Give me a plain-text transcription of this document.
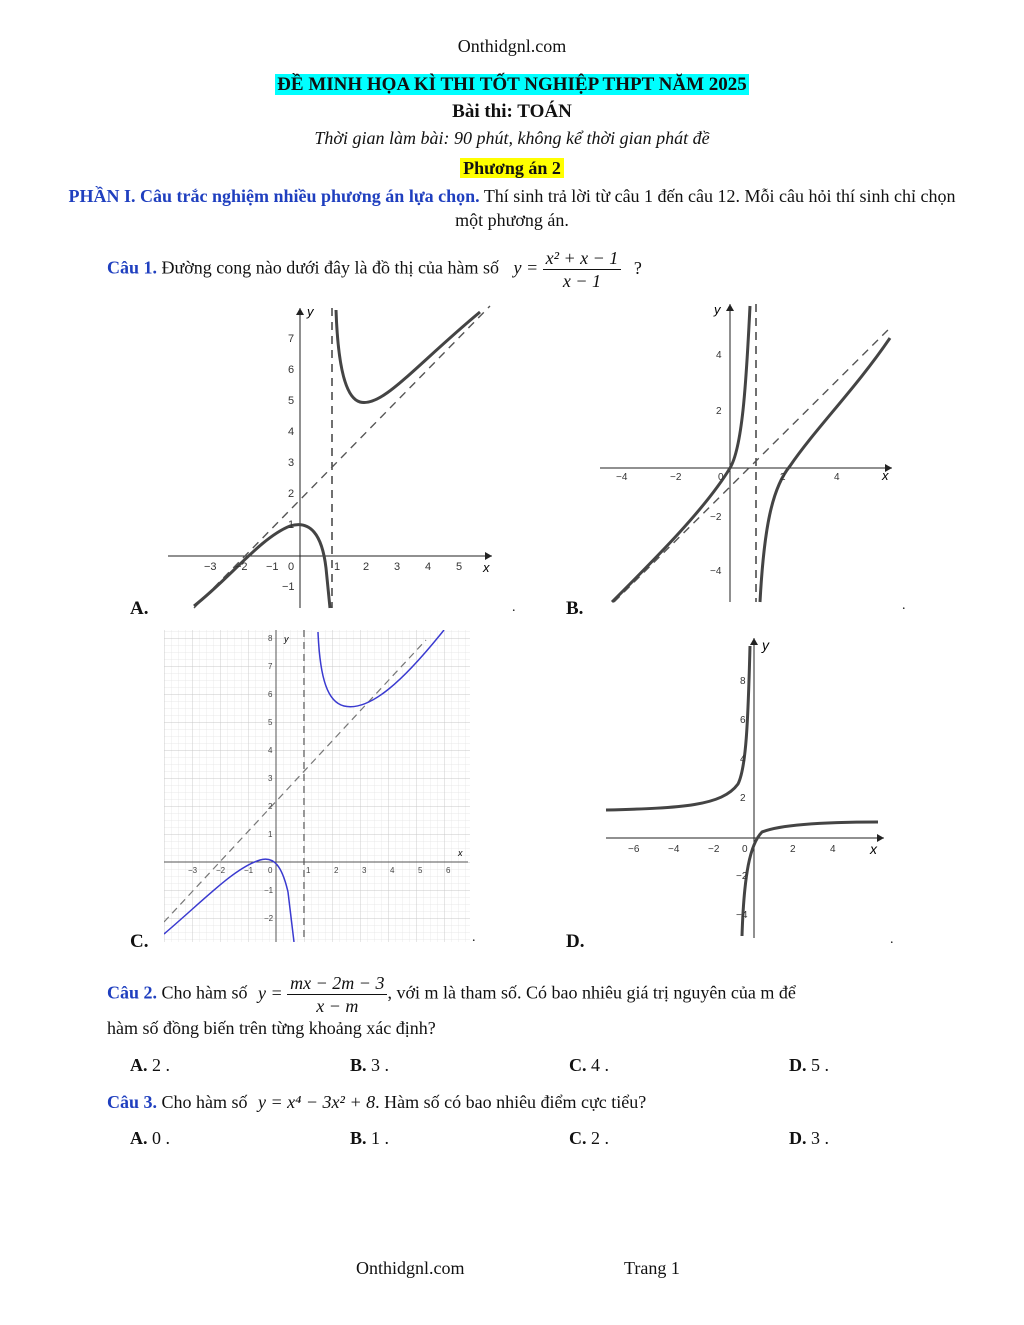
Onthidgnl.com
ĐỀ MINH HỌA KÌ THI TỐT NGHIỆP THPT NĂM 2025
Bài thi: TOÁN
Thời gian làm bài: 90 phút, không kể thời gian phát đề
Phương án 2
PHẦN I. Câu trắc nghiệm nhiều phương án lựa chọn. Thí sinh trả lời từ câu 1 đến câu 12. Mỗi câu hỏi thí sinh chỉ chọn một phương án.
Câu 1. Đường cong nào dưới đây là đồ thị của hàm số $y = \frac{\text{x² + x − 1}}{x - 1}$ ?
A.	B.
C.	D.
.	.
.	.
y
x
7
6
5
4
3
2
1
−1
−3 −2 −1 0	1 2 3 4 5
y
x
4
2
−2
−4
−4	−2	0	2	4
y
x
8
7
6
5
4
3
2
1
−1
−2
−3 −2 −1 0	1	2	3	4	5	6
y
x
8
6
4
2
−2
−4
−6	−4	−2 0	2	4
Câu 2. Cho hàm số $y = \frac{mx - 2m - 3}{x - m}$ , với m là tham số. Có bao nhiêu giá trị nguyên của m để
hàm số đồng biến trên từng khoảng xác định?
A. 2 .	B. 3 .	C. 4 .	D. 5 .
Câu 3. Cho hàm số y = x⁴ − 3x² + 8. Hàm số có bao nhiêu điểm cực tiểu?
A. 0 .	B. 1 .	C. 2 .	D. 3 .
Onthidgnl.com	Trang 1
